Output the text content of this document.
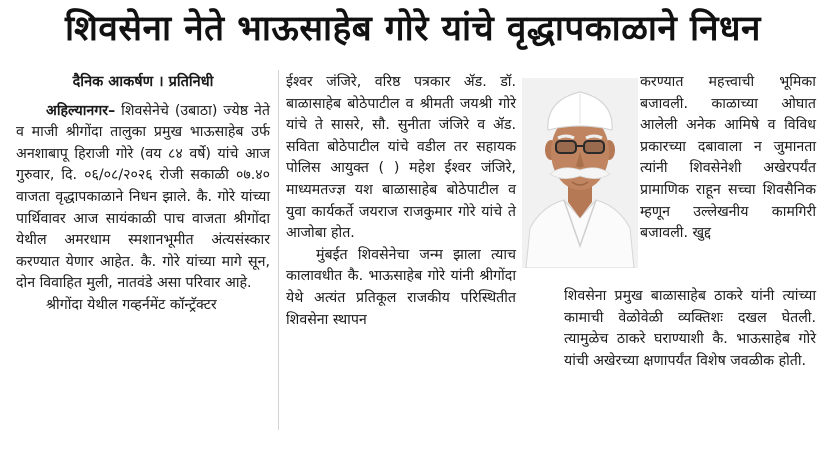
शिवसेना नेते भाऊसाहेब गोरे यांचे वृद्धापकाळाने निधन

दैनिक आकर्षण । प्रतिनिधी

अहिल्यानगर– शिवसेनेचे (उबाठा) ज्येष्ठ नेते व माजी श्रीगोंदा तालुका प्रमुख भाऊसाहेब उर्फ अनशाबापू हिराजी गोरे (वय ८४ वर्षे) यांचे आज गुरुवार, दि. ०६/०८/२०२६ रोजी सकाळी ०७.४० वाजता वृद्धापकाळाने निधन झाले. कै. गोरे यांच्या पार्थिवावर आज सायंकाळी पाच वाजता श्रीगोंदा येथील अमरधाम स्मशानभूमीत अंत्यसंस्कार करण्यात येणार आहेत. कै. गोरे यांच्या मागे सून, दोन विवाहित मुली, नातवंडे असा परिवार आहे.

श्रीगोंदा येथील गव्हर्नमेंट कॉन्ट्रॅक्टर

ईश्वर जंजिरे, वरिष्ठ पत्रकार ॲड. डॉ. बाळासाहेब बोठेपाटील व श्रीमती जयश्री गोरे यांचे ते सासरे, सौ. सुनीता जंजिरे व ॲड. सविता बोठेपाटील यांचे वडील तर सहायक पोलिस आयुक्त ( ) महेश ईश्वर जंजिरे, माध्यमतज्ज्ञ यश बाळासाहेब बोठेपाटील व युवा कार्यकर्ते जयराज राजकुमार गोरे यांचे ते आजोबा होत.

मुंबईत शिवसेनेचा जन्म झाला त्याच कालावधीत कै. भाऊसाहेब गोरे यांनी श्रीगोंदा येथे अत्यंत प्रतिकूल राजकीय परिस्थितीत शिवसेना स्थापन

करण्यात महत्त्वाची भूमिका बजावली. काळाच्या ओघात आलेली अनेक आमिषे व विविध प्रकारच्या दबावाला न जुमानता त्यांनी शिवसेनेशी अखेरपर्यंत प्रामाणिक राहून सच्चा शिवसैनिक म्हणून उल्लेखनीय कामगिरी बजावली. खुद्द

शिवसेना प्रमुख बाळासाहेब ठाकरे यांनी त्यांच्या कामाची वेळोवेळी व्यक्तिशः दखल घेतली. त्यामुळेच ठाकरे घराण्याशी कै. भाऊसाहेब गोरे यांची अखेरच्या क्षणापर्यंत विशेष जवळीक होती.
